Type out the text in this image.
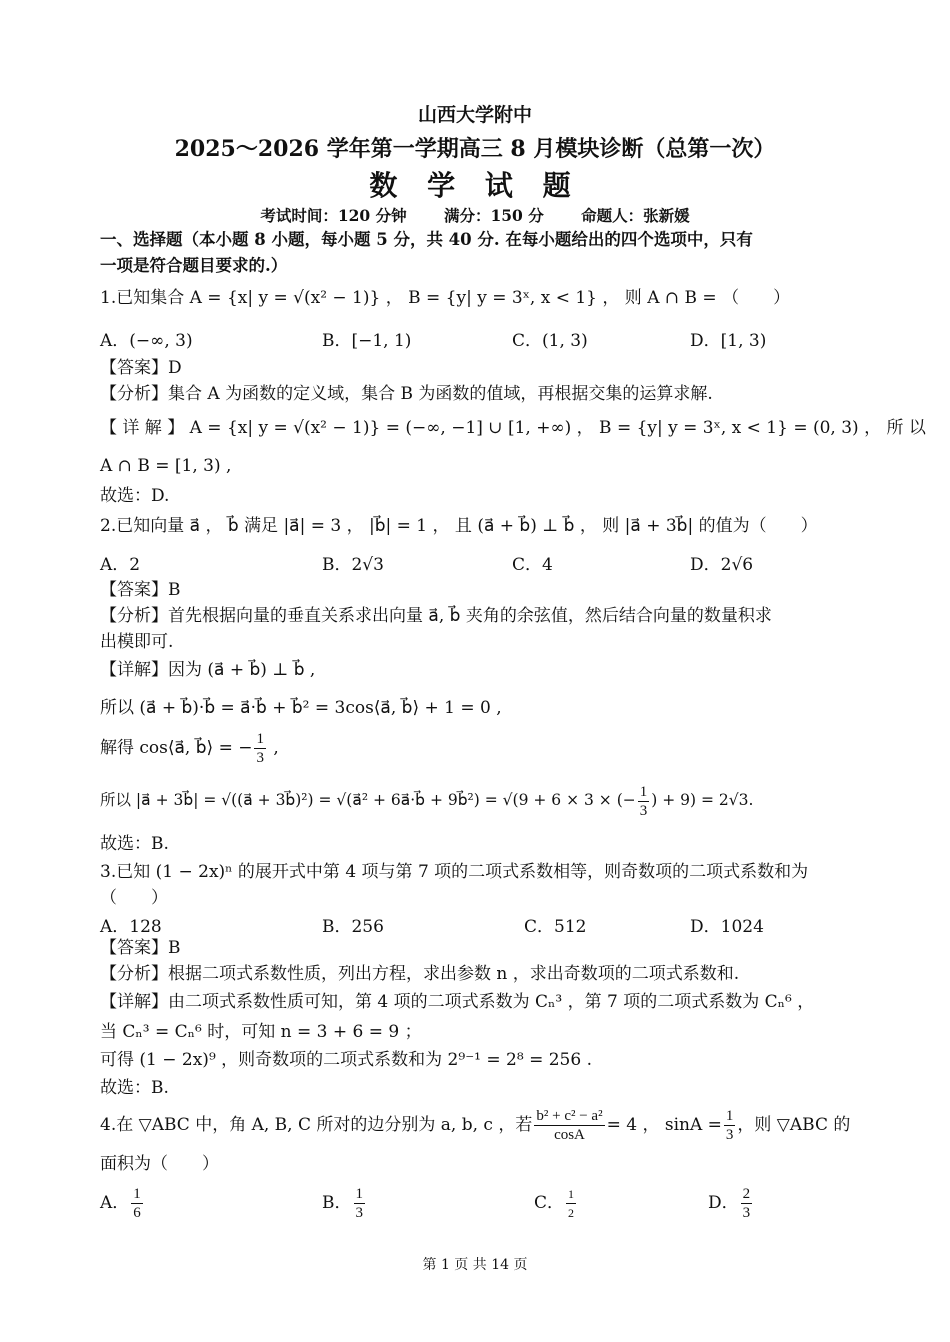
山西大学附中
2025～2026 学年第一学期高三 8 月模块诊断（总第一次）
数 学 试 题
考试时间：120 分钟 满分：150 分 命题人：张新媛
一、选择题（本小题 8 小题，每小题 5 分，共 40 分. 在每小题给出的四个选项中，只有
一项是符合题目要求的.）
1.已知集合 A = {x| y = √(x² − 1)} ， B = {y| y = 3ˣ, x < 1} ， 则 A ∩ B = （　　）
A．(−∞, 3)	B．[−1, 1)	C．(1, 3)	D．[1, 3)
【答案】D
【分析】集合 A 为函数的定义域，集合 B 为函数的值域，再根据交集的运算求解.
【 详 解 】 A = {x| y = √(x² − 1)} = (−∞, −1] ∪ [1, +∞) ， B = {y| y = 3ˣ, x < 1} = (0, 3) ， 所 以
A ∩ B = [1, 3) ,
故选：D.
2.已知向量 a⃗ ， b⃗ 满足 |a⃗| = 3 ， |b⃗| = 1 ， 且 (a⃗ + b⃗) ⊥ b⃗ ， 则 |a⃗ + 3b⃗| 的值为（　　）
A．2	B．2√3	C．4	D．2√6
【答案】B
【分析】首先根据向量的垂直关系求出向量 a⃗, b⃗ 夹角的余弦值，然后结合向量的数量积求
出模即可.
【详解】因为 (a⃗ + b⃗) ⊥ b⃗ ,
所以 (a⃗ + b⃗)·b⃗ = a⃗·b⃗ + b⃗² = 3cos⟨a⃗, b⃗⟩ + 1 = 0 ,
解得 cos⟨a⃗, b⃗⟩ = − $\frac{1}{3}$ ,
所以 |a⃗ + 3b⃗| = √((a⃗ + 3b⃗)²) = √(a⃗² + 6a⃗·b⃗ + 9b⃗²) = √(9 + 6 × 3 × (− $\frac{1}{3}$ ) + 9) = 2√3.
故选：B.
3.已知 (1 − 2x)ⁿ 的展开式中第 4 项与第 7 项的二项式系数相等，则奇数项的二项式系数和为
（　　）
A．128	B．256	C．512	D．1024
【答案】B
【分析】根据二项式系数性质，列出方程，求出参数 n ，求出奇数项的二项式系数和.
【详解】由二项式系数性质可知，第 4 项的二项式系数为 Cₙ³ ，第 7 项的二项式系数为 Cₙ⁶ ，
当 Cₙ³ = Cₙ⁶ 时，可知 n = 3 + 6 = 9 ；
可得 (1 − 2x)⁹ ，则奇数项的二项式系数和为 2⁹⁻¹ = 2⁸ = 256 .
故选：B.
4.在 ▽ABC 中，角 A, B, C 所对的边分别为 a, b, c ，若 $\frac{\text{b² + c² − a²}}{\cos A} = 4$ ， $\sin A = \frac{1}{3}$ ，则 ▽ABC 的
面积为（　　）
A． $\frac{1}{6}$	B． $\frac{1}{3}$	C． $\frac{1}{2}$	D． $\frac{2}{3}$
第 1 页 共 14 页
